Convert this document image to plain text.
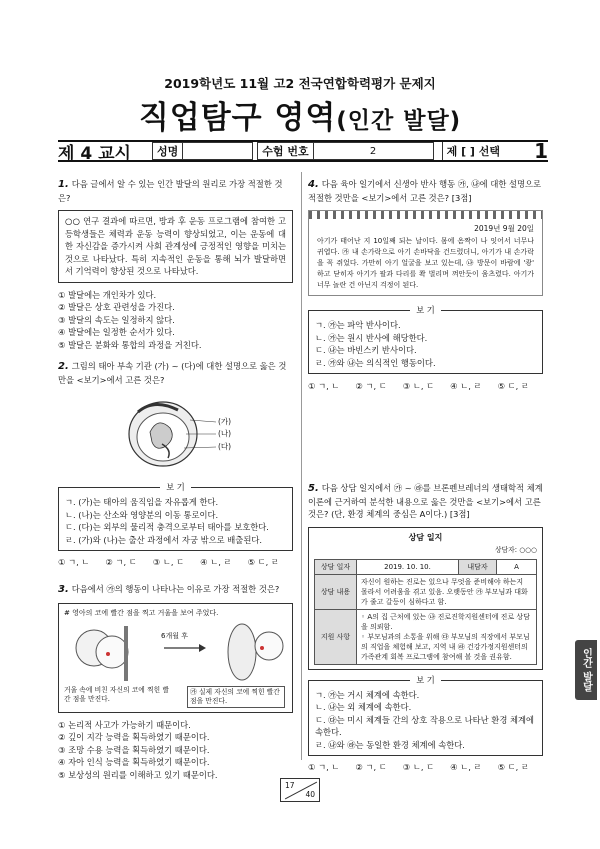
2019학년도 11월 고2 전국연합학력평가 문제지
직업탐구 영역(인간 발달)
제 4 교시	성명	수험 번호	2	제 [ ] 선택 1
1. 다음 글에서 알 수 있는 인간 발달의 원리로 가장 적절한 것은?
○○ 연구 결과에 따르면, 방과 후 운동 프로그램에 참여한 고등학생들은 체력과 운동 능력이 향상되었고, 이는 운동에 대한 자신감을 증가시켜 사회 관계성에 긍정적인 영향을 미치는 것으로 나타났다. 특히 지속적인 운동을 통해 뇌가 발달하면서 기억력이 향상된 것으로 나타났다.
① 발달에는 개인차가 있다.
② 발달은 상호 관련성을 가진다.
③ 발달의 속도는 일정하지 않다.
④ 발달에는 일정한 순서가 있다.
⑤ 발달은 분화와 통합의 과정을 거친다.
2. 그림의 태아 부속 기관 (가) ~ (다)에 대한 설명으로 옳은 것만을 <보기>에서 고른 것은?
(가)
(나)
(다)
보 기
ㄱ. (가)는 태아의 움직임을 자유롭게 한다.
ㄴ. (나)는 산소와 영양분의 이동 통로이다.
ㄷ. (다)는 외부의 물리적 충격으로부터 태아를 보호한다.
ㄹ. (가)와 (나)는 출산 과정에서 자궁 밖으로 배출된다.
① ㄱ, ㄴ ② ㄱ, ㄷ ③ ㄴ, ㄷ ④ ㄴ, ㄹ ⑤ ㄷ, ㄹ
3. 다음에서 ㉮의 행동이 나타나는 이유로 가장 적절한 것은?
# 영아의 코에 빨간 점을 찍고 거울을 보여 주었다.
6개월 후
거울 속에 비친 자신의 코에 찍힌 빨간 점을 만진다.
㉮ 실제 자신의 코에 찍힌 빨간 점을 만진다.
① 논리적 사고가 가능하기 때문이다.
② 깊이 지각 능력을 획득하였기 때문이다.
③ 조망 수용 능력을 획득하였기 때문이다.
④ 자아 인식 능력을 획득하였기 때문이다.
⑤ 보상성의 원리를 이해하고 있기 때문이다.
4. 다음 육아 일기에서 신생아 반사 행동 ㉮, ㉯에 대한 설명으로 적절한 것만을 <보기>에서 고른 것은? [3점]
2019년 9월 20일
아기가 태어난 지 10일째 되는 날이다. 몸에 옴짝이 나 잇어서 너무나 귀엽다. ㉮ 내 손가락으로 아기 손바닥을 건드렸더니, 아기가 내 손가락을 꼭 쥐었다. 가만히 아기 얼굴을 보고 있는데, ㉯ 방문이 바람에 '쾅' 하고 닫히자 아기가 팔과 다리를 쫙 벌리며 껴안듯이 움츠렸다. 아기가 너무 놀란 건 아닌지 걱정이 된다.
보 기
ㄱ. ㉮는 파악 반사이다.
ㄴ. ㉮는 원시 반사에 해당한다.
ㄷ. ㉯는 바빈스키 반사이다.
ㄹ. ㉮와 ㉯는 의식적인 행동이다.
① ㄱ, ㄴ ② ㄱ, ㄷ ③ ㄴ, ㄷ ④ ㄴ, ㄹ ⑤ ㄷ, ㄹ
5. 다음 상담 일지에서 ㉮ ~ ㉱를 브론펜브레너의 생태학적 체계 이론에 근거하여 분석한 내용으로 옳은 것만을 <보기>에서 고른 것은? (단, 환경 체계의 중심은 A이다.) [3점]
상담 일지
상담자: ○○○
상담 일자	2019. 10. 10.	내담자	A
상담 내용	자신이 원하는 진로는 있으나 무엇을 준비해야 하는지 몰라서 어려움을 겪고 있음. 오랫동안 ㉮ 부모님과 대화가 줄고 갈등이 심하다고 함.		
지원 사항	◦ A의 집 근처에 있는 ㉯ 진로진학지원센터에 진로 상담을 의뢰함.
◦ 부모님과의 소통을 위해 ㉰ 부모님의 직장에서 부모님의 직업을 체험해 보고, 지역 내 ㉱ 건강가정지원센터의 가족관계 회복 프로그램에 참여해 볼 것을 권유함.		
보 기
ㄱ. ㉮는 거시 체계에 속한다.
ㄴ. ㉯는 외 체계에 속한다.
ㄷ. ㉰는 미시 체계들 간의 상호 작용으로 나타난 환경 체계에 속한다.
ㄹ. ㉯와 ㉱는 동일한 환경 체계에 속한다.
① ㄱ, ㄴ ② ㄱ, ㄷ ③ ㄴ, ㄷ ④ ㄴ, ㄹ ⑤ ㄷ, ㄹ
인간 발달
17
40
